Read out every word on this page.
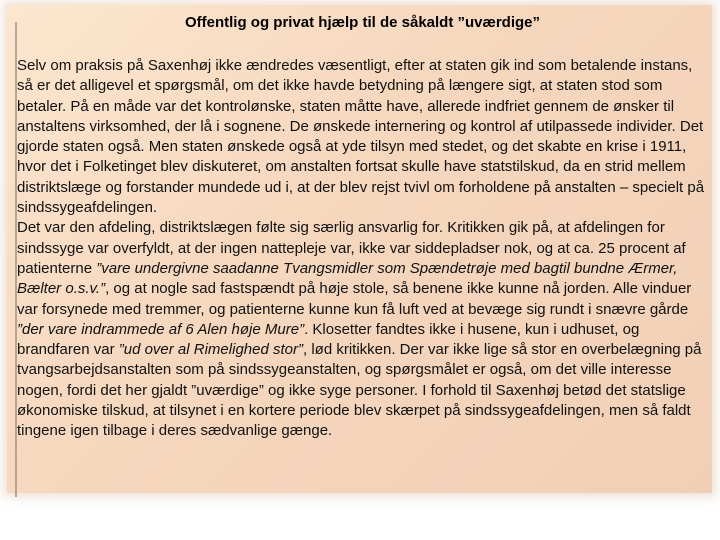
Offentlig og privat hjælp til de såkaldt ”uværdige”

Selv om praksis på Saxenhøj ikke ændredes væsentligt, efter at staten gik ind som betalende instans, så er det alligevel et spørgsmål, om det ikke havde betydning på længere sigt, at staten stod som betaler. På en måde var det kontrolønske, staten måtte have, allerede indfriet gennem de ønsker til anstaltens virksomhed, der lå i sognene. De ønskede internering og kontrol af utilpassede individer. Det gjorde staten også. Men staten ønskede også at yde tilsyn med stedet, og det skabte en krise i 1911, hvor det i Folketinget blev diskuteret, om anstalten fortsat skulle have statstilskud, da en strid mellem distriktslæge og forstander mundede ud i, at der blev rejst tvivl om forholdene på anstalten – specielt på sindssygeafdelingen.

Det var den afdeling, distriktslægen følte sig særlig ansvarlig for. Kritikken gik på, at afdelingen for sindssyge var overfyldt, at der ingen nattepleje var, ikke var siddepladser nok, og at ca. 25 procent af patienterne ”vare undergivne saadanne Tvangsmidler som Spændetrøje med bagtil bundne Ærmer, Bælter o.s.v.”, og at nogle sad fastspændt på høje stole, så benene ikke kunne nå jorden. Alle vinduer var forsynede med tremmer, og patienterne kunne kun få luft ved at bevæge sig rundt i snævre gårde ”der vare indrammede af 6 Alen høje Mure”. Klosetter fandtes ikke i husene, kun i udhuset, og brandfaren var ”ud over al Rimelighed stor”, lød kritikken. Der var ikke lige så stor en overbelægning på tvangsarbejdsanstalten som på sindssygeanstalten, og spørgsmålet er også, om det ville interesse nogen, fordi det her gjaldt ”uværdige” og ikke syge personer. I forhold til Saxenhøj betød det statslige økonomiske tilskud, at tilsynet i en kortere periode blev skærpet på sindssygeafdelingen, men så faldt tingene igen tilbage i deres sædvanlige gænge.
